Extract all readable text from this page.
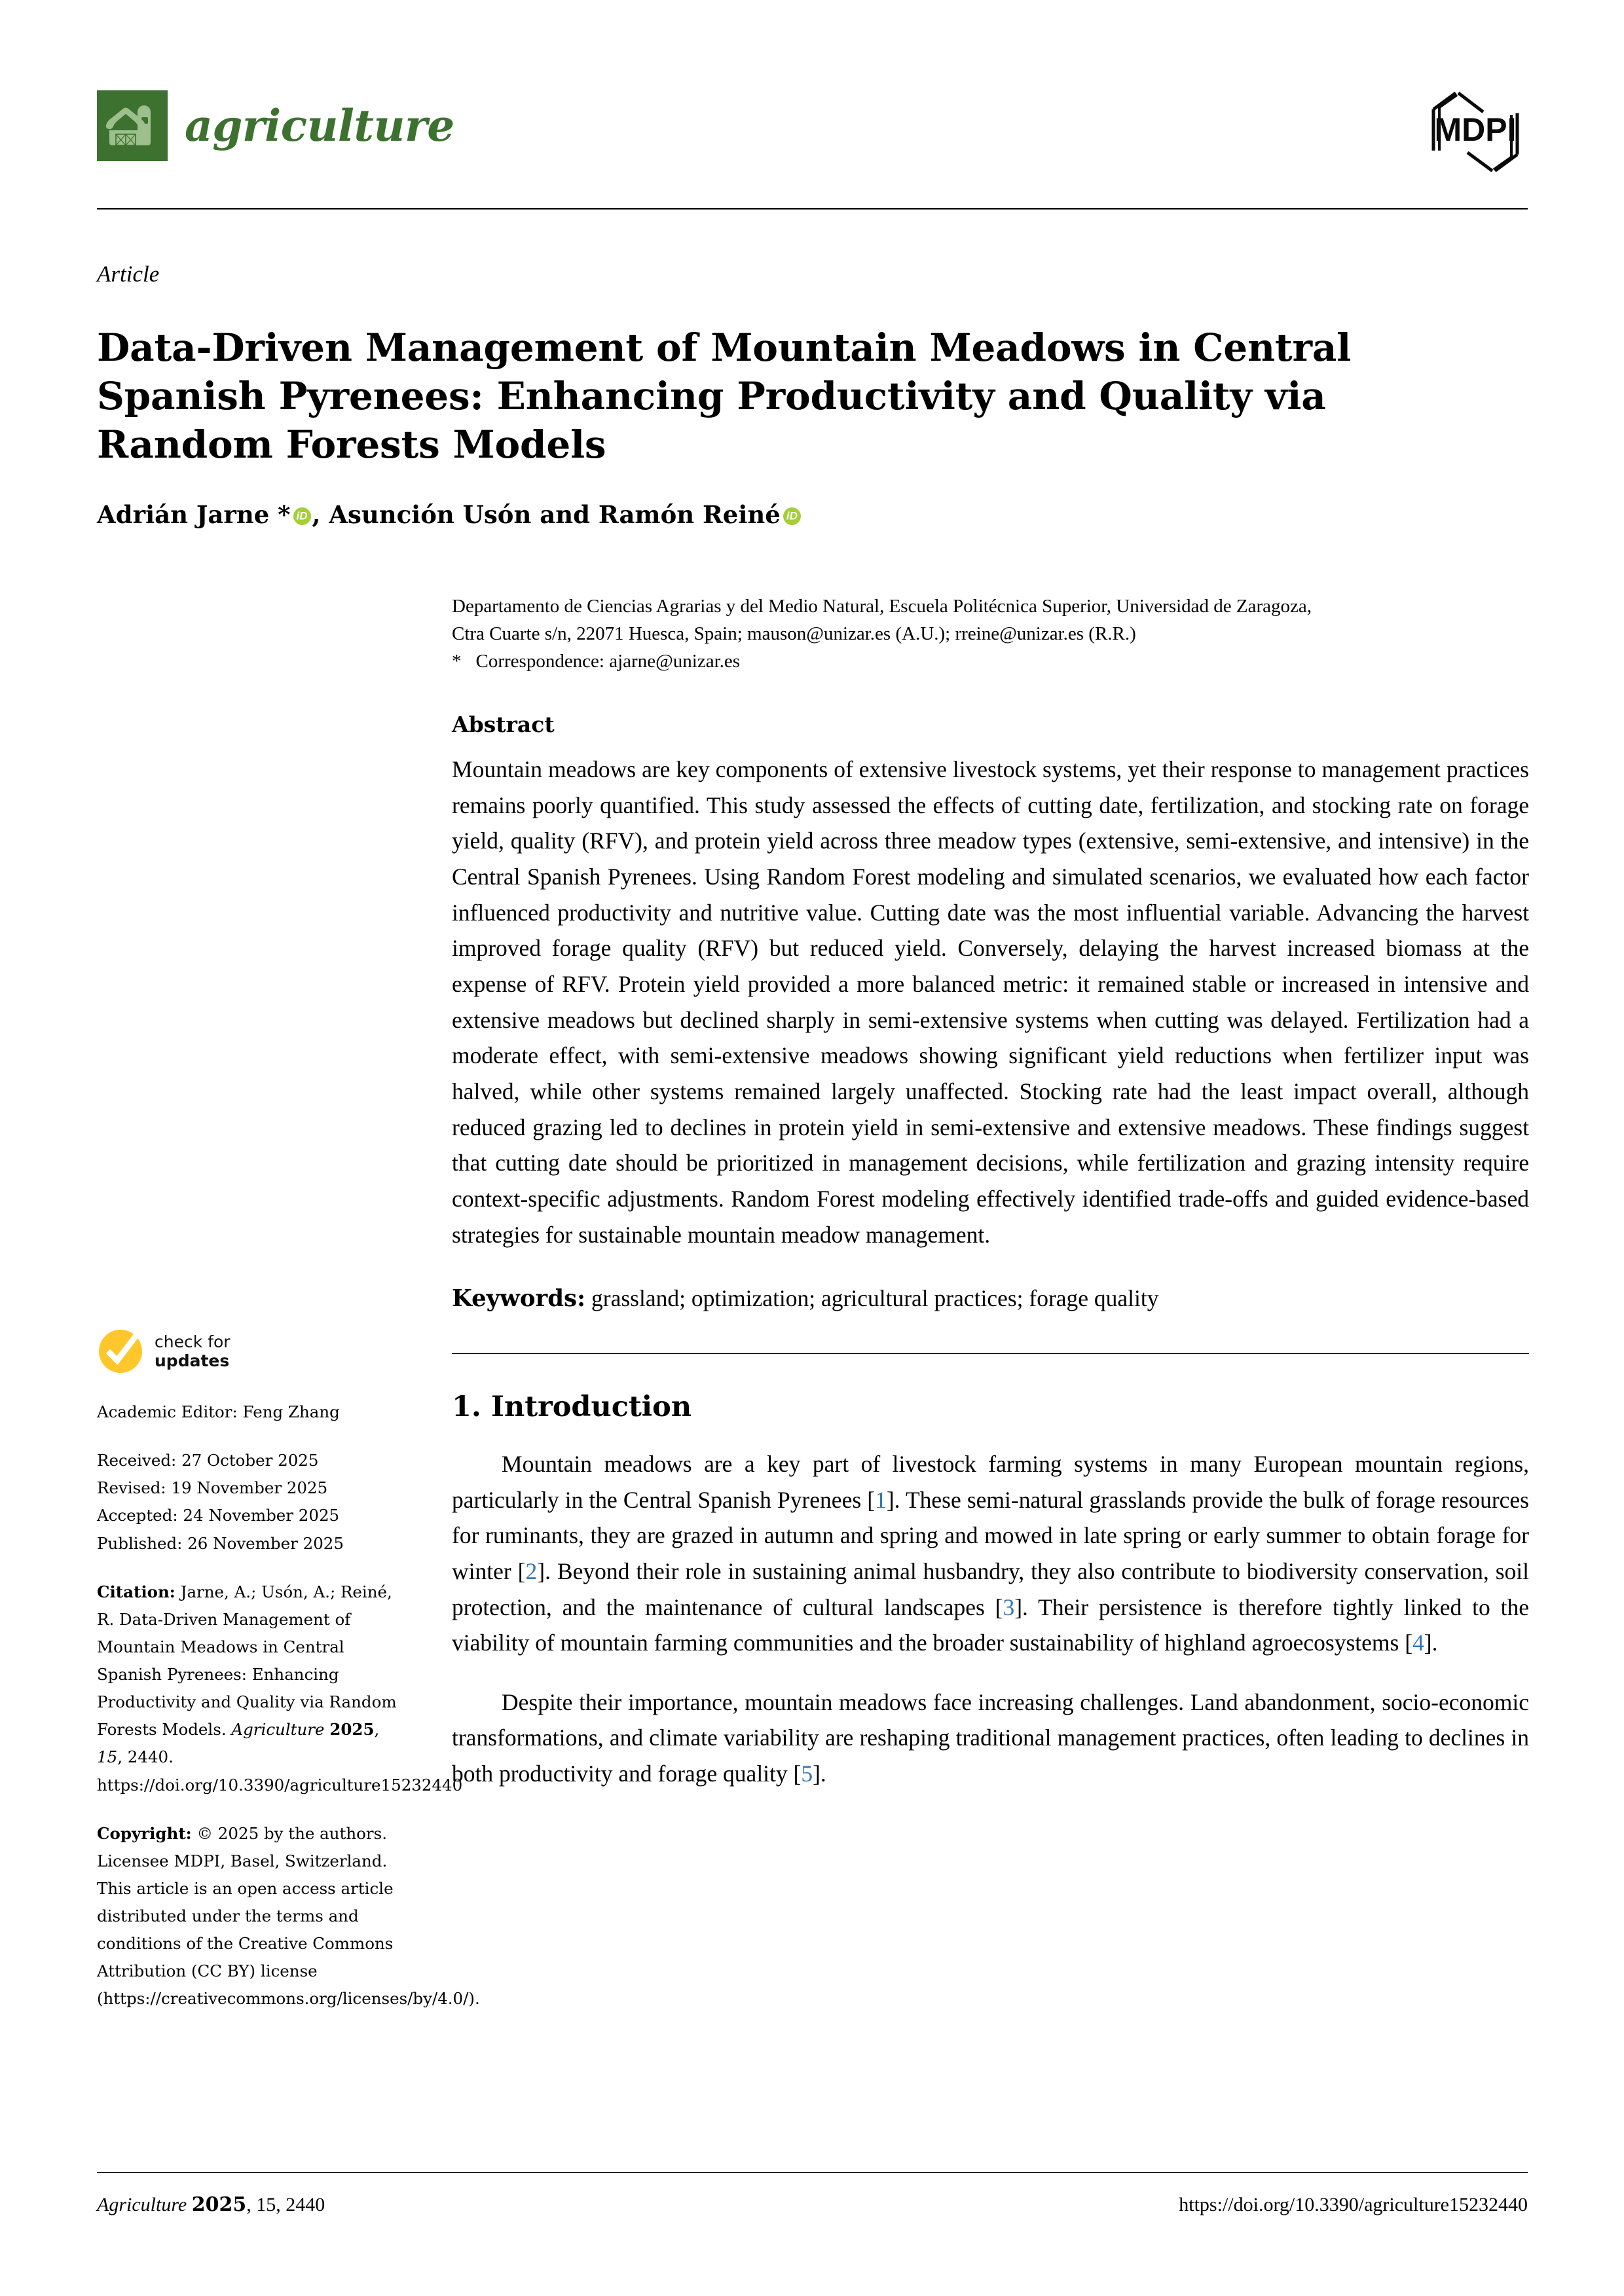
agriculture	MDPI
Article
Data-Driven Management of Mountain Meadows in Central Spanish Pyrenees: Enhancing Productivity and Quality via Random Forests Models
Adrián Jarne * iD , Asunción Usón and Ramón Reiné
iD
Departamento de Ciencias Agrarias y del Medio Natural, Escuela Politécnica Superior, Universidad de Zaragoza,
Ctra Cuarte s/n, 22071 Huesca, Spain; mauson@unizar.es (A.U.); rreine@unizar.es (R.R.)
* Correspondence: ajarne@unizar.es
Abstract
Mountain meadows are key components of extensive livestock systems, yet their response to management practices remains poorly quantified. This study assessed the effects of cutting date, fertilization, and stocking rate on forage yield, quality (RFV), and protein yield across three meadow types (extensive, semi-extensive, and intensive) in the Central Spanish Pyrenees. Using Random Forest modeling and simulated scenarios, we evaluated how each factor influenced productivity and nutritive value. Cutting date was the most influential variable. Advancing the harvest improved forage quality (RFV) but reduced yield. Conversely, delaying the harvest increased biomass at the expense of RFV. Protein yield provided a more balanced metric: it remained stable or increased in intensive and extensive meadows but declined sharply in semi-extensive systems when cutting was delayed. Fertilization had a moderate effect, with semi-extensive meadows showing significant yield reductions when fertilizer input was halved, while other systems remained largely unaffected. Stocking rate had the least impact overall, although reduced grazing led to declines in protein yield in semi-extensive and extensive meadows. These findings suggest that cutting date should be prioritized in management decisions, while fertilization and grazing intensity require context-specific adjustments. Random Forest modeling effectively identified trade-offs and guided evidence-based strategies for sustainable mountain meadow management.
Keywords: grassland; optimization; agricultural practices; forage quality
1. Introduction

Mountain meadows are a key part of livestock farming systems in many European mountain regions, particularly in the Central Spanish Pyrenees [1]. These semi-natural grasslands provide the bulk of forage resources for ruminants, they are grazed in autumn and spring and mowed in late spring or early summer to obtain forage for winter [2]. Beyond their role in sustaining animal husbandry, they also contribute to biodiversity conservation, soil protection, and the maintenance of cultural landscapes [3]. Their persistence is therefore tightly linked to the viability of mountain farming communities and the broader sustainability of highland agroecosystems [4].

Despite their importance, mountain meadows face increasing challenges. Land abandonment, socio-economic transformations, and climate variability are reshaping traditional management practices, often leading to declines in both productivity and forage quality [5].

check for
updates
Academic Editor: Feng Zhang
Received: 27 October 2025
Revised: 19 November 2025
Accepted: 24 November 2025
Published: 26 November 2025
Citation: Jarne, A.; Usón, A.; Reiné, R. Data-Driven Management of Mountain Meadows in Central Spanish Pyrenees: Enhancing Productivity and Quality via Random Forests Models. Agriculture 2025, 15, 2440. https://doi.org/10.3390/agriculture15232440
Copyright: © 2025 by the authors. Licensee MDPI, Basel, Switzerland. This article is an open access article distributed under the terms and conditions of the Creative Commons Attribution (CC BY) license (https://creativecommons.org/licenses/by/4.0/).
Agriculture 2025, 15, 2440	https://doi.org/10.3390/agriculture15232440
